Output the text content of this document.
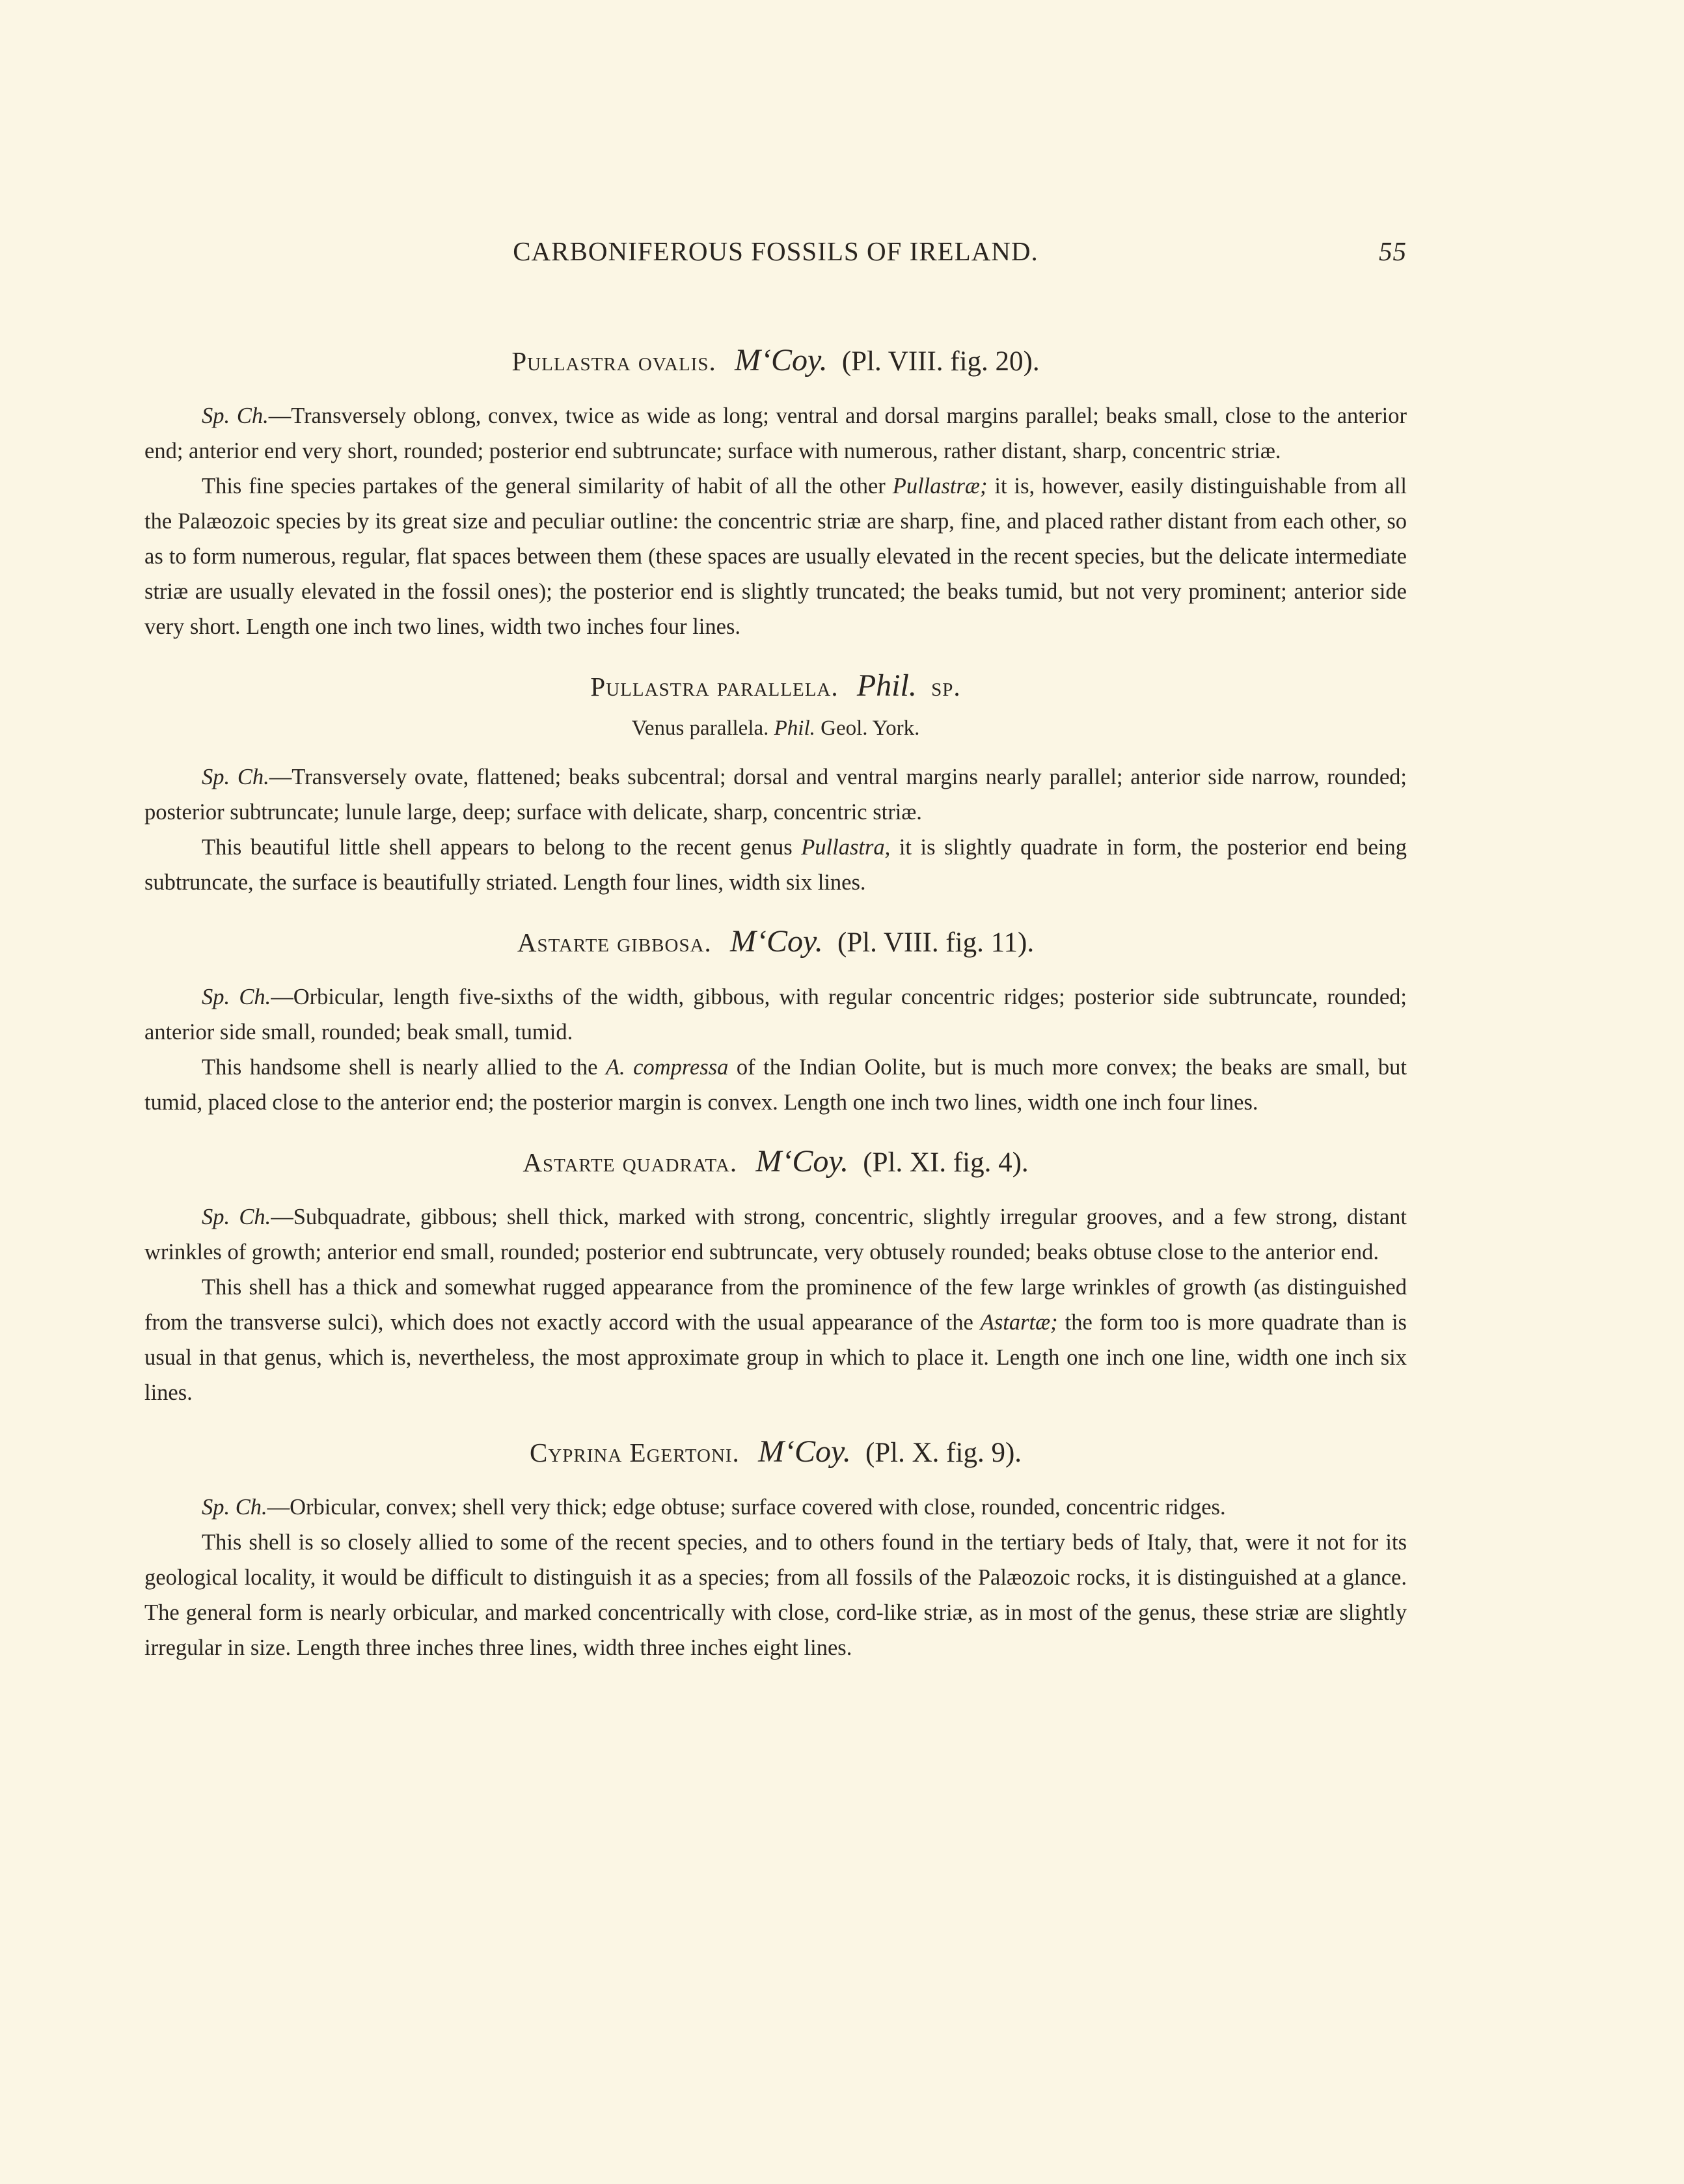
CARBONIFEROUS FOSSILS OF IRELAND.	55
Pullastra ovalis. M‘Coy. (Pl. VIII. fig. 20).

Sp. Ch.—Transversely oblong, convex, twice as wide as long; ventral and dorsal margins parallel; beaks small, close to the anterior end; anterior end very short, rounded; posterior end subtruncate; surface with numerous, rather distant, sharp, concentric striæ.

This fine species partakes of the general similarity of habit of all the other Pullastræ; it is, however, easily distinguishable from all the Palæozoic species by its great size and peculiar outline: the concentric striæ are sharp, fine, and placed rather distant from each other, so as to form numerous, regular, flat spaces between them (these spaces are usually elevated in the recent species, but the delicate intermediate striæ are usually elevated in the fossil ones); the posterior end is slightly truncated; the beaks tumid, but not very prominent; anterior side very short. Length one inch two lines, width two inches four lines.

Pullastra parallela. Phil. sp.
Venus parallela. Phil. Geol. York.

Sp. Ch.—Transversely ovate, flattened; beaks subcentral; dorsal and ventral margins nearly parallel; anterior side narrow, rounded; posterior subtruncate; lunule large, deep; surface with delicate, sharp, concentric striæ.

This beautiful little shell appears to belong to the recent genus Pullastra, it is slightly quadrate in form, the posterior end being subtruncate, the surface is beautifully striated. Length four lines, width six lines.

Astarte gibbosa. M‘Coy. (Pl. VIII. fig. 11).

Sp. Ch.—Orbicular, length five-sixths of the width, gibbous, with regular concentric ridges; posterior side subtruncate, rounded; anterior side small, rounded; beak small, tumid.

This handsome shell is nearly allied to the A. compressa of the Indian Oolite, but is much more convex; the beaks are small, but tumid, placed close to the anterior end; the posterior margin is convex. Length one inch two lines, width one inch four lines.

Astarte quadrata. M‘Coy. (Pl. XI. fig. 4).

Sp. Ch.—Subquadrate, gibbous; shell thick, marked with strong, concentric, slightly irregular grooves, and a few strong, distant wrinkles of growth; anterior end small, rounded; posterior end subtruncate, very obtusely rounded; beaks obtuse close to the anterior end.

This shell has a thick and somewhat rugged appearance from the prominence of the few large wrinkles of growth (as distinguished from the transverse sulci), which does not exactly accord with the usual appearance of the Astartæ; the form too is more quadrate than is usual in that genus, which is, nevertheless, the most approximate group in which to place it. Length one inch one line, width one inch six lines.

Cyprina Egertoni. M‘Coy. (Pl. X. fig. 9).

Sp. Ch.—Orbicular, convex; shell very thick; edge obtuse; surface covered with close, rounded, concentric ridges.

This shell is so closely allied to some of the recent species, and to others found in the tertiary beds of Italy, that, were it not for its geological locality, it would be difficult to distinguish it as a species; from all fossils of the Palæozoic rocks, it is distinguished at a glance. The general form is nearly orbicular, and marked concentrically with close, cord-like striæ, as in most of the genus, these striæ are slightly irregular in size. Length three inches three lines, width three inches eight lines.
